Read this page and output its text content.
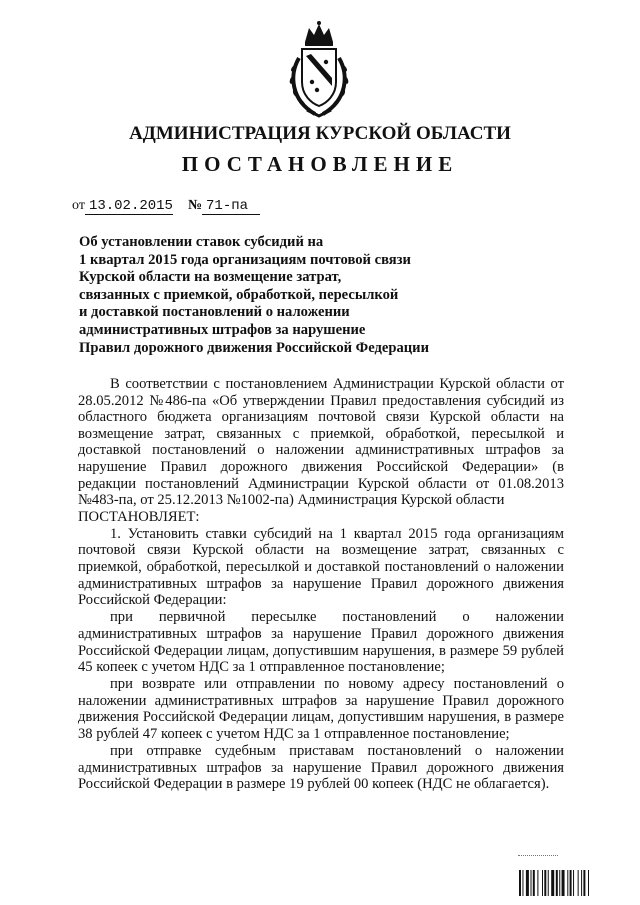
АДМИНИСТРАЦИЯ КУРСКОЙ ОБЛАСТИ
ПОСТАНОВЛЕНИЕ
от 13.02.2015 № 71-па
Об установлении ставок субсидий на
1 квартал 2015 года организациям почтовой связи
Курской области на возмещение затрат,
связанных с приемкой, обработкой, пересылкой
и доставкой постановлений о наложении
административных штрафов за нарушение
Правил дорожного движения Российской Федерации

В соответствии с постановлением Администрации Курской области от 28.05.2012 №486-па «Об утверждении Правил предоставления субсидий из областного бюджета организациям почтовой связи Курской области на возмещение затрат, связанных с приемкой, обработкой, пересылкой и доставкой постановлений о наложении административных штрафов за нарушение Правил дорожного движения Российской Федерации» (в редакции постановлений Администрации Курской области от 01.08.2013 №483-па, от 25.12.2013 №1002-па) Администрация Курской области

ПОСТАНОВЛЯЕТ:

1. Установить ставки субсидий на 1 квартал 2015 года организациям почтовой связи Курской области на возмещение затрат, связанных с приемкой, обработкой, пересылкой и доставкой постановлений о наложении административных штрафов за нарушение Правил дорожного движения Российской Федерации:

при первичной пересылке постановлений о наложении административных штрафов за нарушение Правил дорожного движения Российской Федерации лицам, допустившим нарушения, в размере 59 рублей 45 копеек с учетом НДС за 1 отправленное постановление;

при возврате или отправлении по новому адресу постановлений о наложении административных штрафов за нарушение Правил дорожного движения Российской Федерации лицам, допустившим нарушения, в размере 38 рублей 47 копеек с учетом НДС за 1 отправленное постановление;

при отправке судебным приставам постановлений о наложении административных штрафов за нарушение Правил дорожного движения Российской Федерации в размере 19 рублей 00 копеек (НДС не облагается).
